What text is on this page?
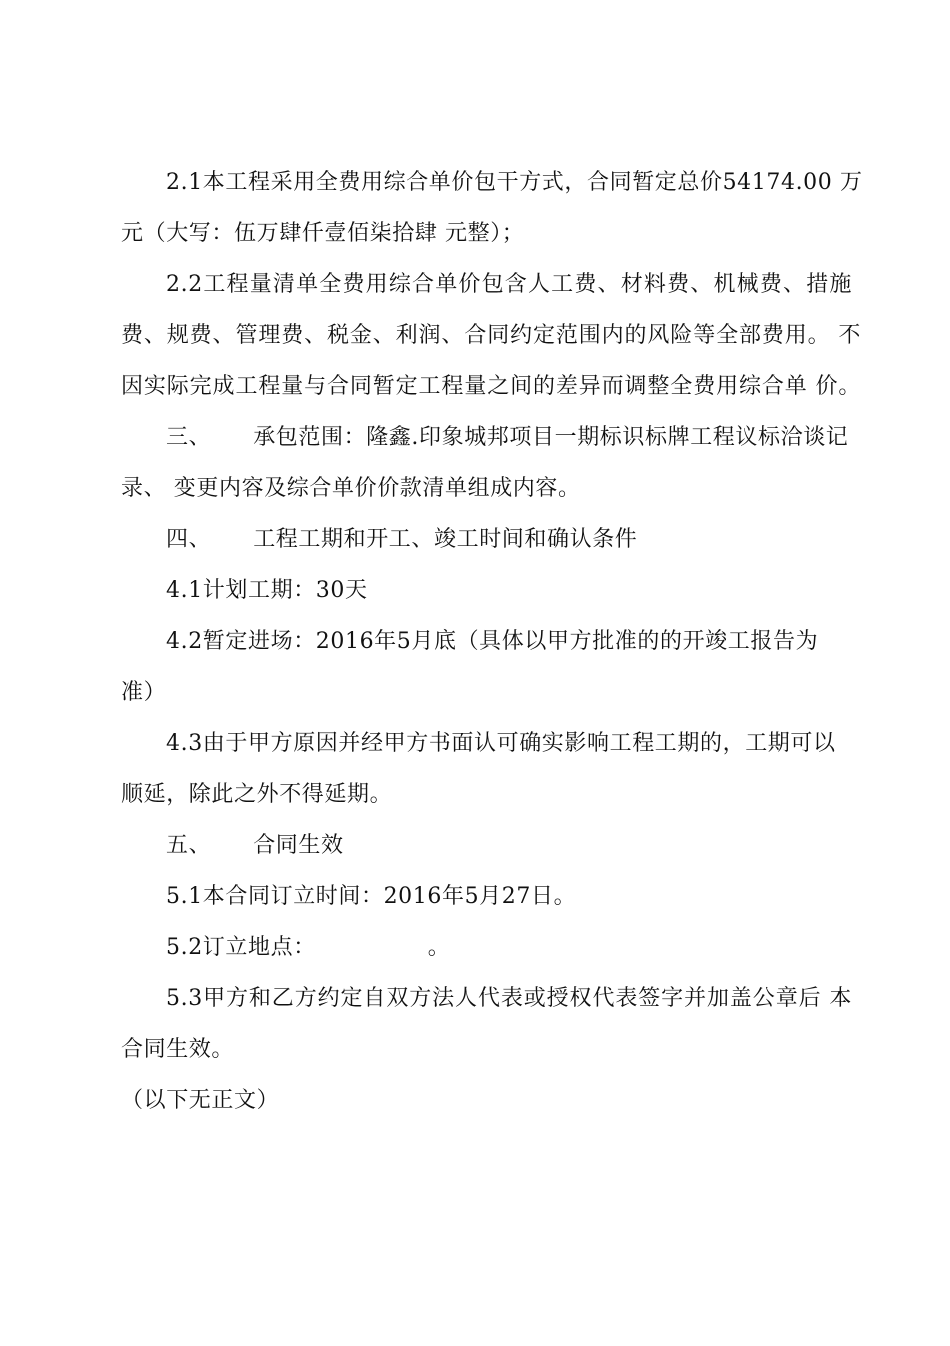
2.1本工程采用全费用综合单价包干方式，合同暂定总价54174.00 万
元（大写：伍万肆仟壹佰柒拾肆 元整）；
2.2工程量清单全费用综合单价包含人工费、材料费、机械费、措施
费、规费、管理费、税金、利润、合同约定范围内的风险等全部费用。 不
因实际完成工程量与合同暂定工程量之间的差异而调整全费用综合单 价。
三、 承包范围：隆鑫.印象城邦项目一期标识标牌工程议标洽谈记
录、 变更内容及综合单价价款清单组成内容。
四、 工程工期和开工、竣工时间和确认条件
4.1计划工期：30天
4.2暂定进场：2016年5月底（具体以甲方批准的的开竣工报告为
准）
4.3由于甲方原因并经甲方书面认可确实影响工程工期的，工期可以
顺延，除此之外不得延期。
五、 合同生效
5.1本合同订立时间：2016年5月27日。
5.2订立地点：	。
5.3甲方和乙方约定自双方法人代表或授权代表签字并加盖公章后 本
合同生效。
（以下无正文）
